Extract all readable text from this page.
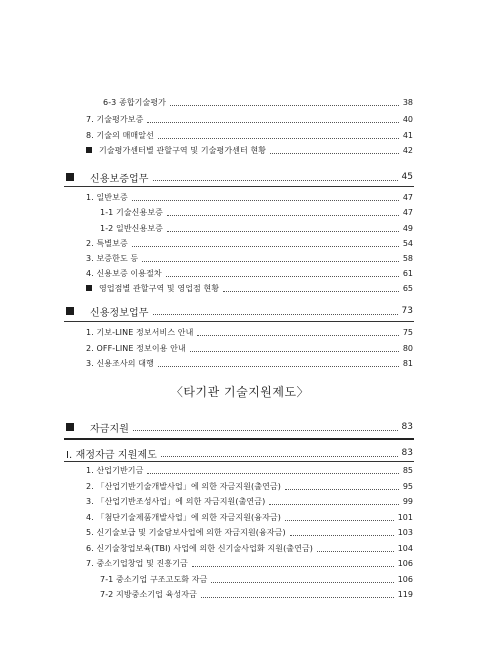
6-3 종합기술평가	38
7. 기술평가보증	40
8. 기술의 매매알선	41
기술평가센터별 관할구역 및 기술평가센터 현황	42
신용보증업무	45
1. 일반보증	47
1-1 기술신용보증	47
1-2 일반신용보증	49
2. 특별보증	54
3. 보증한도 등	58
4. 신용보증 이용절차	61
영업점별 관할구역 및 영업점 현황	65
신용정보업무	73
1. 기보-LINE 정보서비스 안내	75
2. OFF-LINE 정보이용 안내	80
3. 신용조사의 대행	81
〈타기관 기술지원제도〉
자금지원	83
Ⅰ. 재정자금 지원제도	83
1. 산업기반기금	85
2. 「산업기반기술개발사업」에 의한 자금지원(출연금)	95
3. 「산업기반조성사업」에 의한 자금지원(출연금)	99
4. 「첨단기술제품개발사업」에 의한 자금지원(융자금)	101
5. 신기술보급 및 기술담보사업에 의한 자금지원(융자금)	103
6. 신기술창업보육(TBI) 사업에 의한 신기술사업화 지원(출연금)	104
7. 중소기업창업 및 진흥기금	106
7-1 중소기업 구조고도화 자금	106
7-2 지방중소기업 육성자금	119
